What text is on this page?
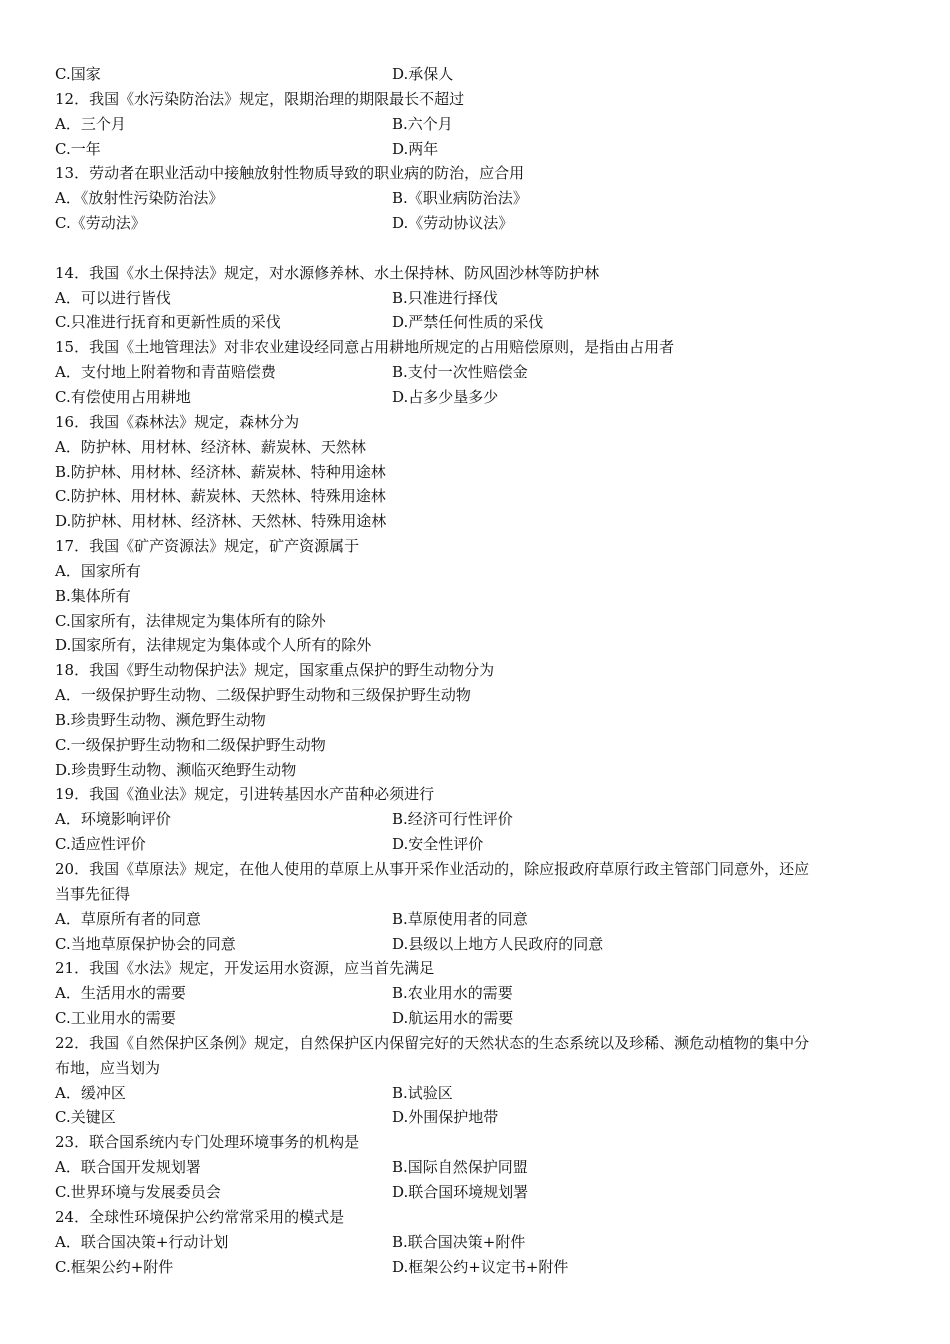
C.国家	D.承保人
12．我国《水污染防治法》规定，限期治理的期限最长不超过
A．三个月	B.六个月
C.一年	D.两年
13．劳动者在职业活动中接触放射性物质导致的职业病的防治，应合用
A．《放射性污染防治法》	B.《职业病防治法》
C.《劳动法》	D.《劳动协议法》
14．我国《水土保持法》规定，对水源修养林、水土保持林、防风固沙林等防护林
A．可以进行皆伐	B.只准进行择伐
C.只准进行抚育和更新性质的采伐	D.严禁任何性质的采伐
15．我国《土地管理法》对非农业建设经同意占用耕地所规定的占用赔偿原则，是指由占用者
A．支付地上附着物和青苗赔偿费	B.支付一次性赔偿金
C.有偿使用占用耕地	D.占多少垦多少
16．我国《森林法》规定，森林分为
A．防护林、用材林、经济林、薪炭林、天然林
B.防护林、用材林、经济林、薪炭林、特种用途林
C.防护林、用材林、薪炭林、天然林、特殊用途林
D.防护林、用材林、经济林、天然林、特殊用途林
17．我国《矿产资源法》规定，矿产资源属于
A．国家所有
B.集体所有
C.国家所有，法律规定为集体所有的除外
D.国家所有，法律规定为集体或个人所有的除外
18．我国《野生动物保护法》规定，国家重点保护的野生动物分为
A．一级保护野生动物、二级保护野生动物和三级保护野生动物
B.珍贵野生动物、濒危野生动物
C.一级保护野生动物和二级保护野生动物
D.珍贵野生动物、濒临灭绝野生动物
19．我国《渔业法》规定，引进转基因水产苗种必须进行
A．环境影响评价	B.经济可行性评价
C.适应性评价	D.安全性评价
20．我国《草原法》规定，在他人使用的草原上从事开采作业活动的，除应报政府草原行政主管部门同意外，还应
当事先征得
A．草原所有者的同意	B.草原使用者的同意
C.当地草原保护协会的同意	D.县级以上地方人民政府的同意
21．我国《水法》规定，开发运用水资源，应当首先满足
A．生活用水的需要	B.农业用水的需要
C.工业用水的需要	D.航运用水的需要
22．我国《自然保护区条例》规定，自然保护区内保留完好的天然状态的生态系统以及珍稀、濒危动植物的集中分
布地，应当划为
A．缓冲区	B.试验区
C.关键区	D.外围保护地带
23．联合国系统内专门处理环境事务的机构是
A．联合国开发规划署	B.国际自然保护同盟
C.世界环境与发展委员会	D.联合国环境规划署
24．全球性环境保护公约常常采用的模式是
A．联合国决策+行动计划	B.联合国决策+附件
C.框架公约+附件	D.框架公约+议定书+附件
